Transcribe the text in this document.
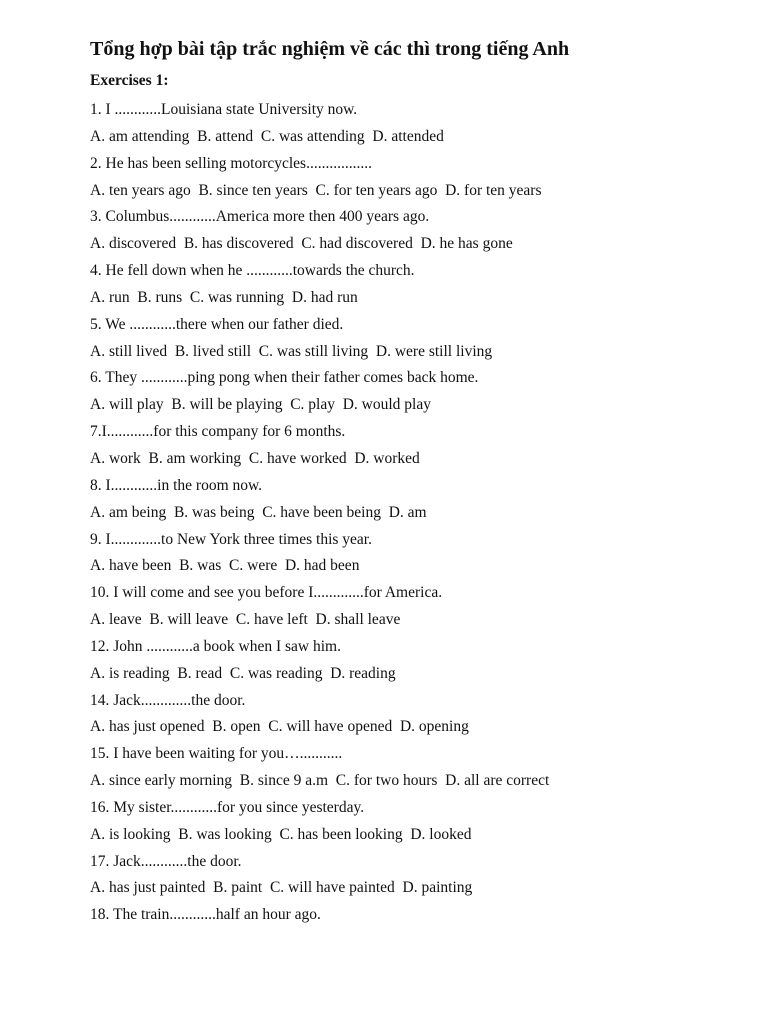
Tổng hợp bài tập trắc nghiệm về các thì trong tiếng Anh
Exercises 1:
1. I ............Louisiana state University now.
A. am attending  B. attend  C. was attending  D. attended
2. He has been selling motorcycles.................
A. ten years ago  B. since ten years  C. for ten years ago  D. for ten years
3. Columbus............America more then 400 years ago.
A. discovered  B. has discovered  C. had discovered  D. he has gone
4. He fell down when he ............towards the church.
A. run  B. runs  C. was running  D. had run
5. We ............there when our father died.
A. still lived  B. lived still  C. was still living  D. were still living
6. They ............ping pong when their father comes back home.
A. will play  B. will be playing  C. play  D. would play
7.I............for this company for 6 months.
A. work  B. am working  C. have worked  D. worked
8. I............in the room now.
A. am being  B. was being  C. have been being  D. am
9. I.............to New York three times this year.
A. have been  B. was  C. were  D. had been
10. I will come and see you before I.............for America.
A. leave  B. will leave  C. have left  D. shall leave
12. John ............a book when I saw him.
A. is reading  B. read  C. was reading  D. reading
14. Jack.............the door.
A. has just opened  B. open  C. will have opened  D. opening
15. I have been waiting for you…...........
A. since early morning  B. since 9 a.m  C. for two hours  D. all are correct
16. My sister............for you since yesterday.
A. is looking  B. was looking  C. has been looking  D. looked
17. Jack............the door.
A. has just painted  B. paint  C. will have painted  D. painting
18. The train............half an hour ago.
